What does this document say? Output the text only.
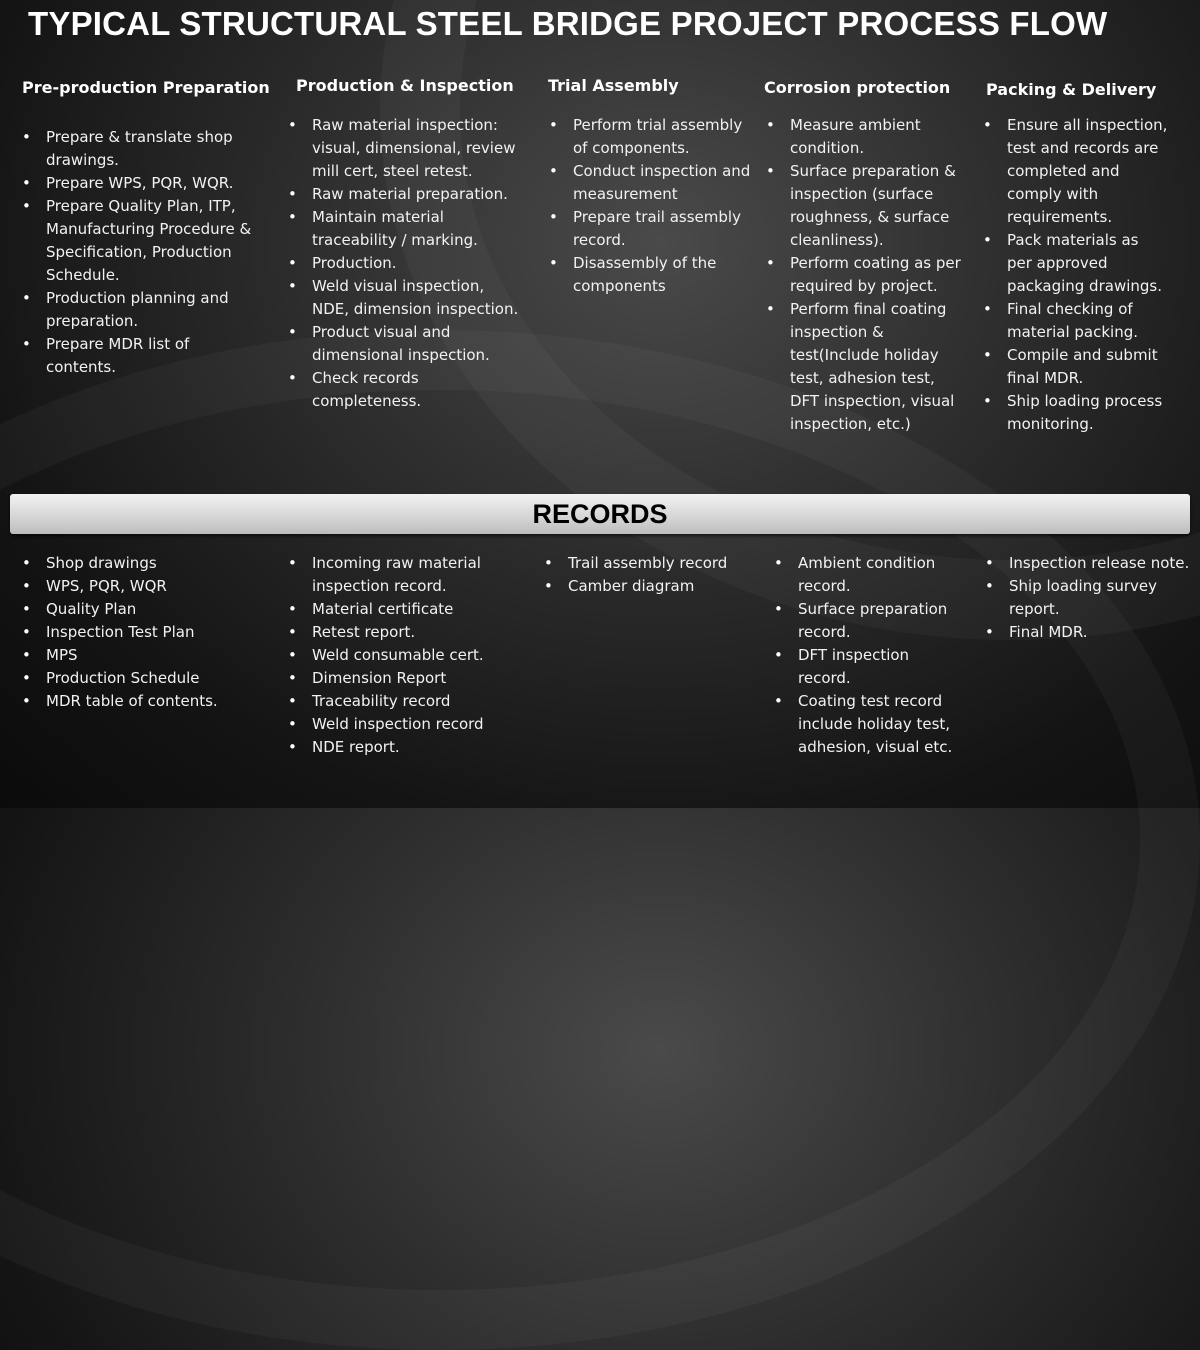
TYPICAL STRUCTURAL STEEL BRIDGE PROJECT PROCESS FLOW
Pre-production Preparation
• Prepare & translate shop drawings.
• Prepare WPS, PQR, WQR.
• Prepare Quality Plan, ITP, Manufacturing Procedure & Specification, Production Schedule.
• Production planning and preparation.
• Prepare MDR list of contents.
Production & Inspection
• Raw material inspection: visual, dimensional, review mill cert, steel retest.
• Raw material preparation.
• Maintain material traceability / marking.
• Production.
• Weld visual inspection, NDE, dimension inspection.
• Product visual and dimensional inspection.
• Check records completeness.
Trial Assembly
• Perform trial assembly of components.
• Conduct inspection and measurement
• Prepare trail assembly record.
• Disassembly of the components
Corrosion protection
• Measure ambient condition.
• Surface preparation & inspection (surface roughness, & surface cleanliness).
• Perform coating as per required by project.
• Perform final coating inspection & test(Include holiday test, adhesion test, DFT inspection, visual inspection, etc.)
Packing & Delivery
• Ensure all inspection, test and records are completed and comply with requirements.
• Pack materials as per approved packaging drawings.
• Final checking of material packing.
• Compile and submit final MDR.
• Ship loading process monitoring.
RECORDS
• Shop drawings
• WPS, PQR, WQR
• Quality Plan
• Inspection Test Plan
• MPS
• Production Schedule
• MDR table of contents.
• Incoming raw material inspection record.
• Material certificate
• Retest report.
• Weld consumable cert.
• Dimension Report
• Traceability record
• Weld inspection record
• NDE report.
• Trail assembly record
• Camber diagram
• Ambient condition record.
• Surface preparation record.
• DFT inspection record.
• Coating test record include holiday test, adhesion, visual etc.
• Inspection release note.
• Ship loading survey report.
• Final MDR.
